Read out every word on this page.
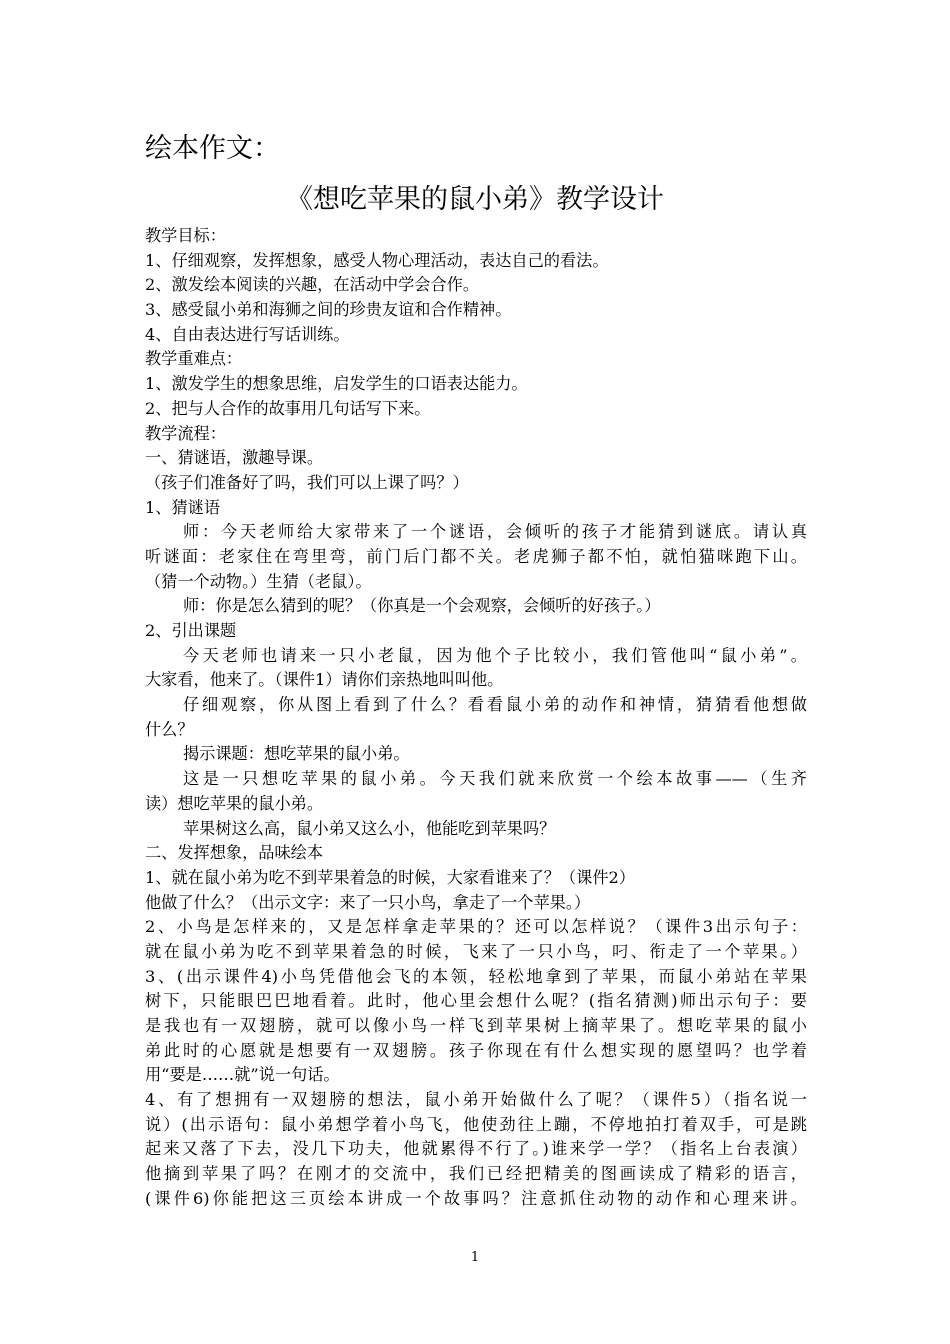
绘本作文：
《想吃苹果的鼠小弟》教学设计
教学目标：
1、仔细观察，发挥想象，感受人物心理活动，表达自己的看法。
2、激发绘本阅读的兴趣，在活动中学会合作。
3、感受鼠小弟和海狮之间的珍贵友谊和合作精神。
4、自由表达进行写话训练。
教学重难点：
1、激发学生的想象思维，启发学生的口语表达能力。
2、把与人合作的故事用几句话写下来。
教学流程：
一、猜谜语，激趣导课。
（孩子们准备好了吗，我们可以上课了吗？）
1、猜谜语
师：今天老师给大家带来了一个谜语，会倾听的孩子才能猜到谜底。请认真
听谜面：老家住在弯里弯，前门后门都不关。老虎狮子都不怕，就怕猫咪跑下山。
（猜一个动物。）生猜（老鼠）。
师：你是怎么猜到的呢？（你真是一个会观察，会倾听的好孩子。）
2、引出课题
今天老师也请来一只小老鼠，因为他个子比较小，我们管他叫“鼠小弟”。
大家看，他来了。（课件1）请你们亲热地叫叫他。
仔细观察，你从图上看到了什么？看看鼠小弟的动作和神情，猜猜看他想做
什么？
揭示课题：想吃苹果的鼠小弟。
这是一只想吃苹果的鼠小弟。今天我们就来欣赏一个绘本故事——（生齐
读）想吃苹果的鼠小弟。
苹果树这么高，鼠小弟又这么小，他能吃到苹果吗？
二、发挥想象，品味绘本
1、就在鼠小弟为吃不到苹果着急的时候，大家看谁来了？（课件2）
他做了什么？（出示文字：来了一只小鸟，拿走了一个苹果。）
2、小鸟是怎样来的，又是怎样拿走苹果的？还可以怎样说？（课件3出示句子：
就在鼠小弟为吃不到苹果着急的时候，飞来了一只小鸟，叼、衔走了一个苹果。）
3、(出示课件4)小鸟凭借他会飞的本领，轻松地拿到了苹果，而鼠小弟站在苹果
树下，只能眼巴巴地看着。此时，他心里会想什么呢？(指名猜测)师出示句子：要
是我也有一双翅膀，就可以像小鸟一样飞到苹果树上摘苹果了。想吃苹果的鼠小
弟此时的心愿就是想要有一双翅膀。孩子你现在有什么想实现的愿望吗？也学着
用“要是……就”说一句话。
4、有了想拥有一双翅膀的想法，鼠小弟开始做什么了呢？（课件5）（指名说一
说）(出示语句：鼠小弟想学着小鸟飞，他使劲往上蹦，不停地拍打着双手，可是跳
起来又落了下去，没几下功夫，他就累得不行了。)谁来学一学？（指名上台表演）
他摘到苹果了吗？在刚才的交流中，我们已经把精美的图画读成了精彩的语言，
(课件6)你能把这三页绘本讲成一个故事吗？注意抓住动物的动作和心理来讲。
1
